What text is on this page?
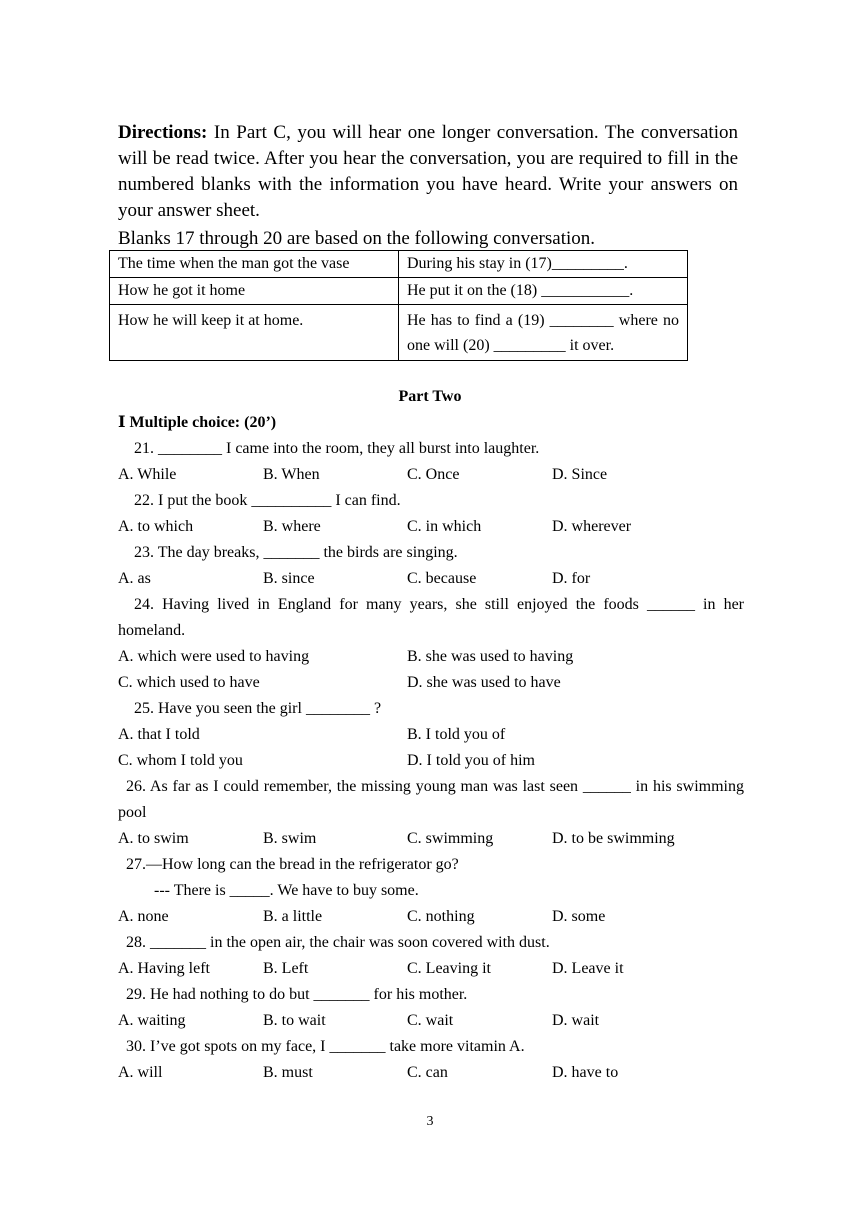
Directions: In Part C, you will hear one longer conversation. The conversation will be read twice. After you hear the conversation, you are required to fill in the numbered blanks with the information you have heard. Write your answers on your answer sheet.
Blanks 17 through 20 are based on the following conversation.
The time when the man got the vase	During his stay in (17)_________.
How he got it home	He put it on the (18) ___________.
How he will keep it at home.	He has to find a (19) ________ where no one will (20) _________ it over.
Part Two
Ⅰ Multiple choice: (20’)
21. ________ I came into the room, they all burst into laughter.
A. While	B. When	C. Once	D. Since
22. I put the book __________ I can find.
A. to which	B. where	C. in which	D. wherever
23. The day breaks, _______ the birds are singing.
A. as	B. since	C. because	D. for
24. Having lived in England for many years, she still enjoyed the foods ______ in her homeland.
A. which were used to having	B. she was used to having
C. which used to have	D. she was used to have
25. Have you seen the girl ________ ?
A. that I told	B. I told you of
C. whom I told you	D. I told you of him
26. As far as I could remember, the missing young man was last seen ______ in his swimming pool
A. to swim	B. swim	C. swimming	D. to be swimming
27.—How long can the bread in the refrigerator go?
--- There is _____. We have to buy some.
A. none	B. a little	C. nothing	D. some
28. _______ in the open air, the chair was soon covered with dust.
A. Having left	B. Left	C. Leaving it	D. Leave it
29. He had nothing to do but _______ for his mother.
A. waiting	B. to wait	C. wait	D. wait
30. I’ve got spots on my face, I _______ take more vitamin A.
A. will	B. must	C. can	D. have to
3
